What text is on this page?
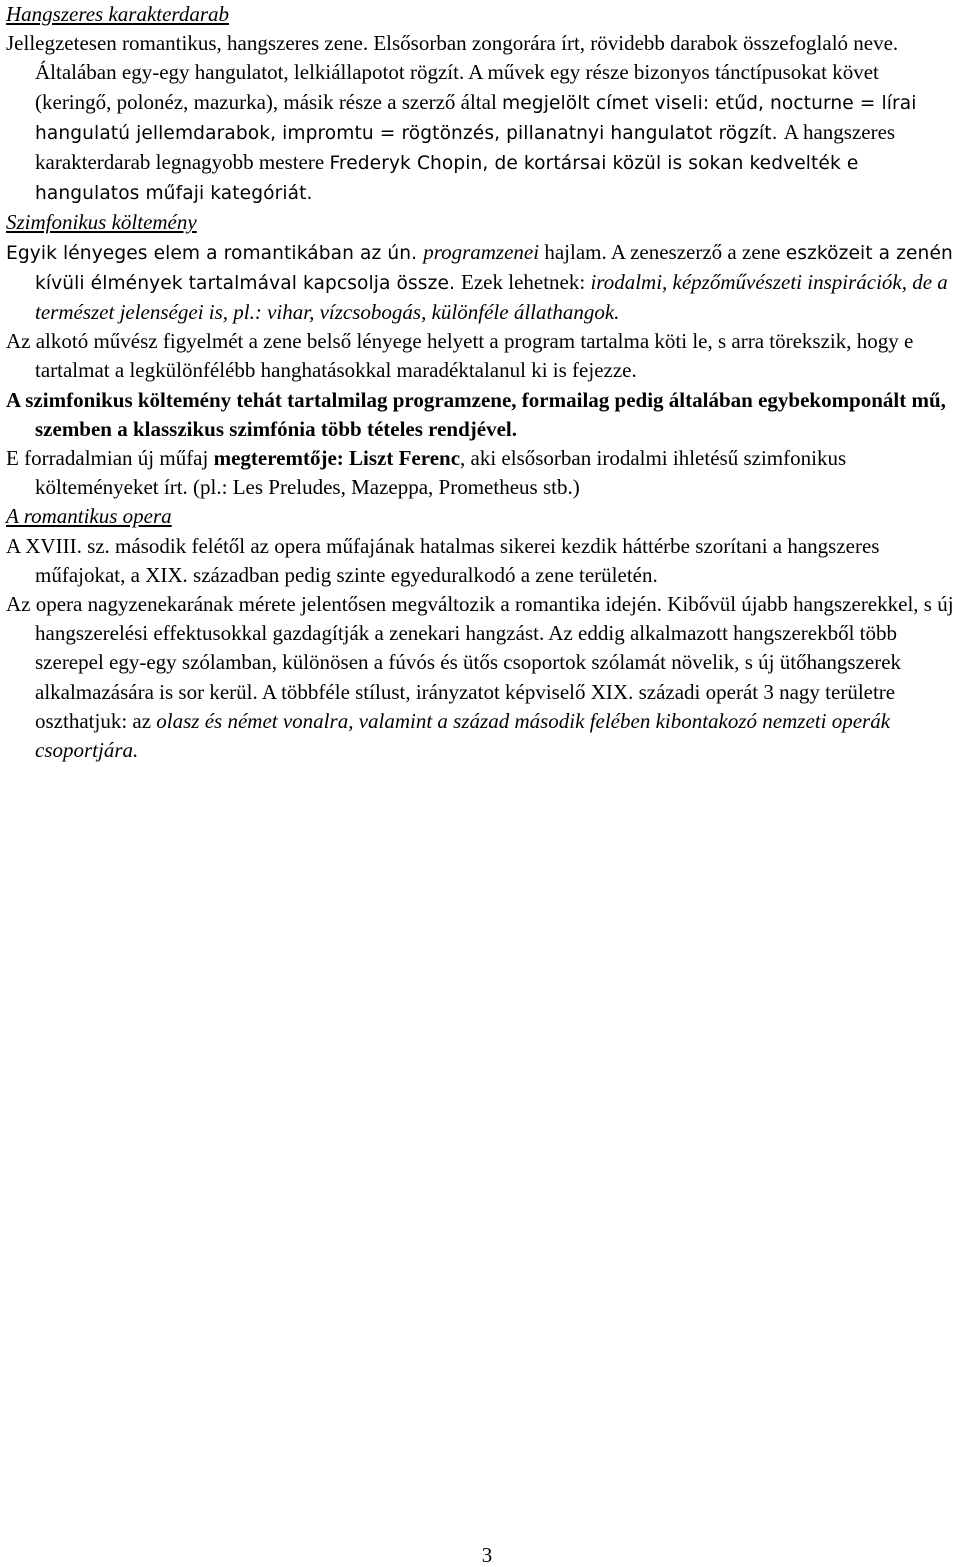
Hangszeres karakterdarab

Jellegzetesen romantikus, hangszeres zene. Elsősorban zongorára írt, rövidebb darabok összefoglaló neve. Általában egy-egy hangulatot, lelkiállapotot rögzít. A művek egy része bizonyos tánctípusokat követ (keringő, polonéz, mazurka), másik része a szerző által megjelölt címet viseli: etűd, nocturne = lírai hangulatú jellemdarabok, impromtu = rögtönzés, pillanatnyi hangulatot rögzít. A hangszeres karakterdarab legnagyobb mestere Frederyk Chopin, de kortársai közül is sokan kedvelték e hangulatos műfaji kategóriát.

Szimfonikus költemény

Egyik lényeges elem a romantikában az ún. programzenei hajlam. A zeneszerző a zene eszközeit a zenén kívüli élmények tartalmával kapcsolja össze. Ezek lehetnek: irodalmi, képzőművészeti inspirációk, de a természet jelenségei is, pl.: vihar, vízcsobogás, különféle állathangok.

Az alkotó művész figyelmét a zene belső lényege helyett a program tartalma köti le, s arra törekszik, hogy e tartalmat a legkülönfélébb hanghatásokkal maradéktalanul ki is fejezze.

A szimfonikus költemény tehát tartalmilag programzene, formailag pedig általában egybekomponált mű, szemben a klasszikus szimfónia több tételes rendjével.

E forradalmian új műfaj megteremtője: Liszt Ferenc, aki elsősorban irodalmi ihletésű szimfonikus költeményeket írt. (pl.: Les Preludes, Mazeppa, Prometheus stb.)

A romantikus opera

A XVIII. sz. második felétől az opera műfajának hatalmas sikerei kezdik háttérbe szorítani a hangszeres műfajokat, a XIX. században pedig szinte egyeduralkodó a zene területén.

Az opera nagyzenekarának mérete jelentősen megváltozik a romantika idején. Kibővül újabb hangszerekkel, s új hangszerelési effektusokkal gazdagítják a zenekari hangzást. Az eddig alkalmazott hangszerekből több szerepel egy-egy szólamban, különösen a fúvós és ütős csoportok szólamát növelik, s új ütőhangszerek alkalmazására is sor kerül. A többféle stílust, irányzatot képviselő XIX. századi operát 3 nagy területre oszthatjuk: az olasz és német vonalra, valamint a század második felében kibontakozó nemzeti operák csoportjára.

3
